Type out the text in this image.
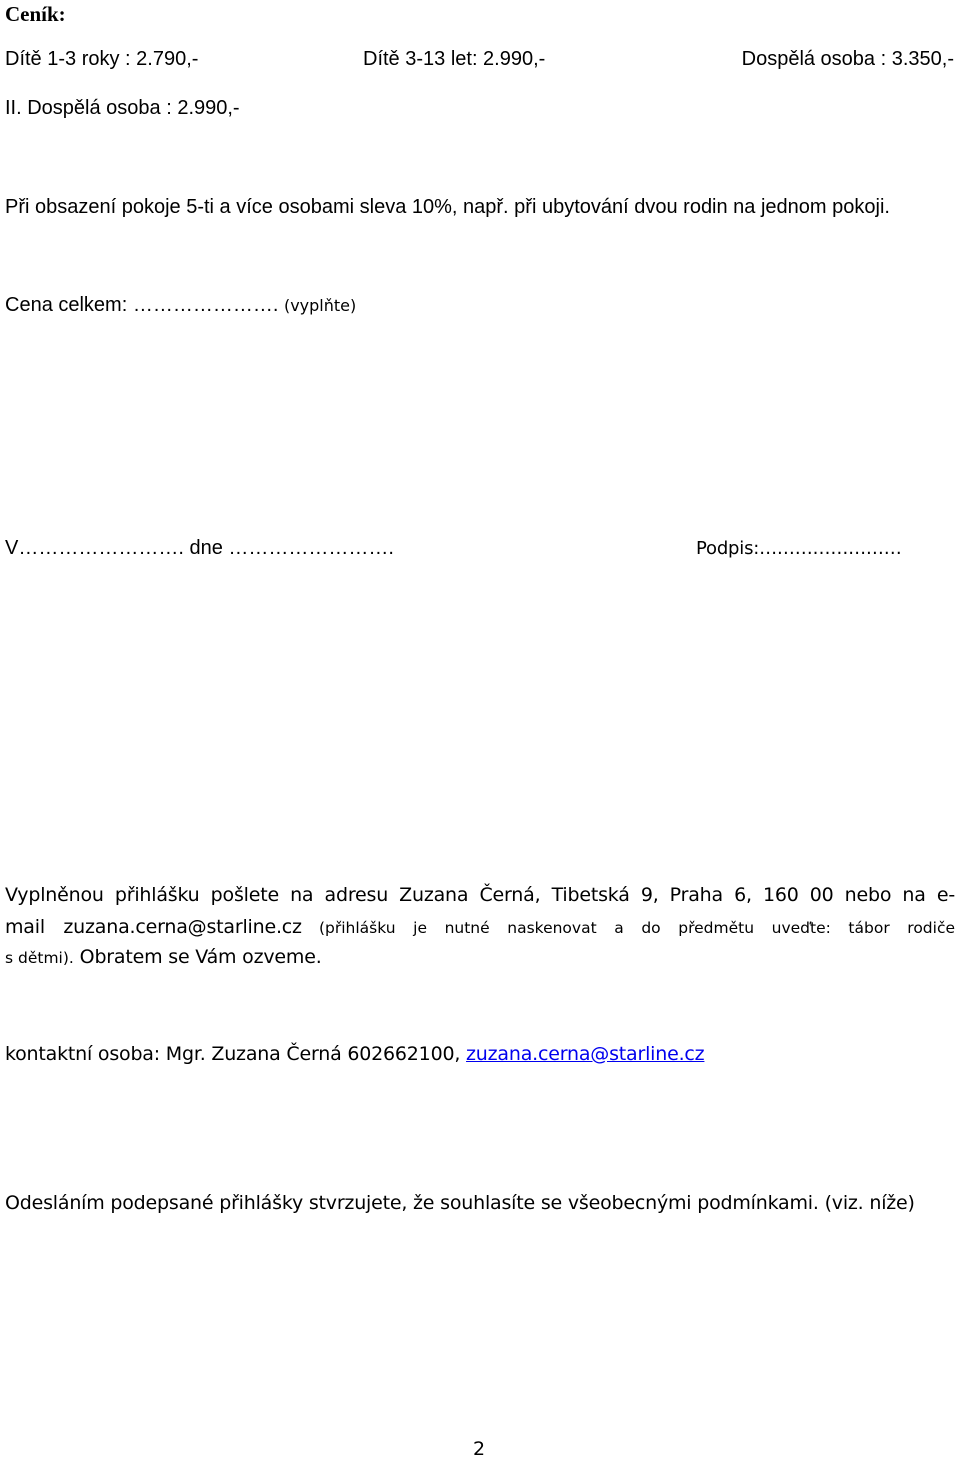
Ceník:
Dítě 1-3 roky : 2.790,-	Dítě 3-13 let: 2.990,-	Dospělá osoba : 3.350,-
II. Dospělá osoba : 2.990,-
Při obsazení pokoje 5-ti a více osobami sleva 10%, např. při ubytování dvou rodin na jednom pokoji.
Cena celkem: …………………. (vyplňte)
V……………………. dne …………………….	Podpis:……………………
Vyplněnou přihlášku pošlete na adresu Zuzana Černá, Tibetská 9, Praha 6, 160 00 nebo na e-
mail zuzana.cerna@starline.cz (přihlášku je nutné naskenovat a do předmětu uveďte: tábor rodiče
s dětmi). Obratem se Vám ozveme.
kontaktní osoba: Mgr. Zuzana Černá 602662100, zuzana.cerna@starline.cz
Odesláním podepsané přihlášky stvrzujete, že souhlasíte se všeobecnými podmínkami. (viz. níže)
2
